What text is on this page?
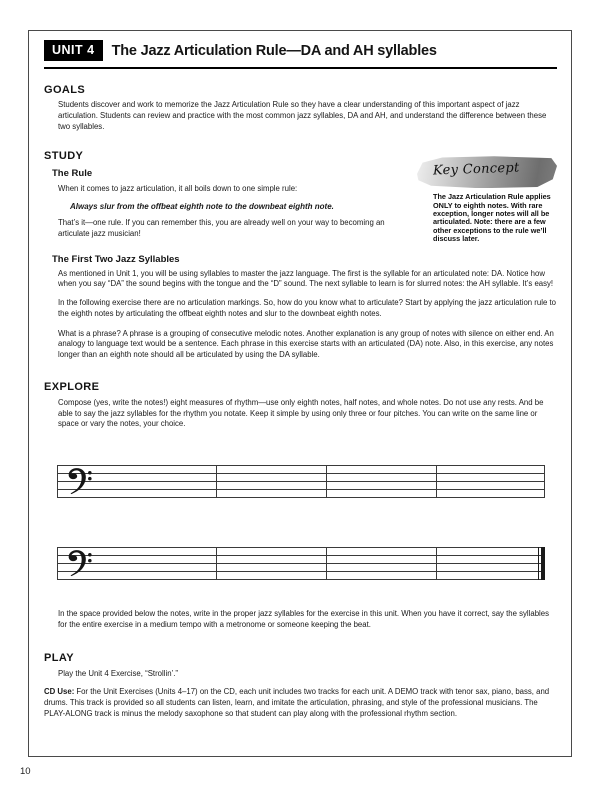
UNIT 4	The Jazz Articulation Rule—DA and AH syllables
GOALS

Students discover and work to memorize the Jazz Articulation Rule so they have a clear understanding of this important aspect of jazz articulation. Students can review and practice with the most common jazz syllables, DA and AH, and understand the difference between these two syllables.

STUDY
The Rule

When it comes to jazz articulation, it all boils down to one simple rule:

Always slur from the offbeat eighth note to the downbeat eighth note.

That’s it—one rule. If you can remember this, you are already well on your way to becoming an articulate jazz musician!

Key Concept
The Jazz Articulation Rule applies ONLY to eighth notes. With rare exception, longer notes will all be articulated. Note: there are a few other exceptions to the rule we’ll discuss later.
The First Two Jazz Syllables

As mentioned in Unit 1, you will be using syllables to master the jazz language. The first is the syllable for an articulated note: DA. Notice how when you say “DA” the sound begins with the tongue and the “D” sound. The next syllable to learn is for slurred notes: the AH syllable. It’s easy!

In the following exercise there are no articulation markings. So, how do you know what to articulate? Start by applying the jazz articulation rule to the eighth notes by articulating the offbeat eighth notes and slur to the downbeat eighth notes.

What is a phrase? A phrase is a grouping of consecutive melodic notes. Another explanation is any group of notes with silence on either end. An analogy to language text would be a sentence. Each phrase in this exercise starts with an articulated (DA) note. Also, in this exercise, any notes longer than an eighth note should all be articulated by using the DA syllable.

EXPLORE

Compose (yes, write the notes!) eight measures of rhythm—use only eighth notes, half notes, and whole notes. Do not use any rests. And be able to say the jazz syllables for the rhythm you notate. Keep it simple by using only three or four pitches. You can write on the same line or space or vary the notes, your choice.

In the space provided below the notes, write in the proper jazz syllables for the exercise in this unit. When you have it correct, say the syllables for the entire exercise in a medium tempo with a metronome or someone keeping the beat.

PLAY

Play the Unit 4 Exercise, “Strollin’.”

CD Use: For the Unit Exercises (Units 4–17) on the CD, each unit includes two tracks for each unit. A DEMO track with tenor sax, piano, bass, and drums. This track is provided so all students can listen, learn, and imitate the articulation, phrasing, and style of the professional musicians. The PLAY-ALONG track is minus the melody saxophone so that student can play along with the professional rhythm section.

10
